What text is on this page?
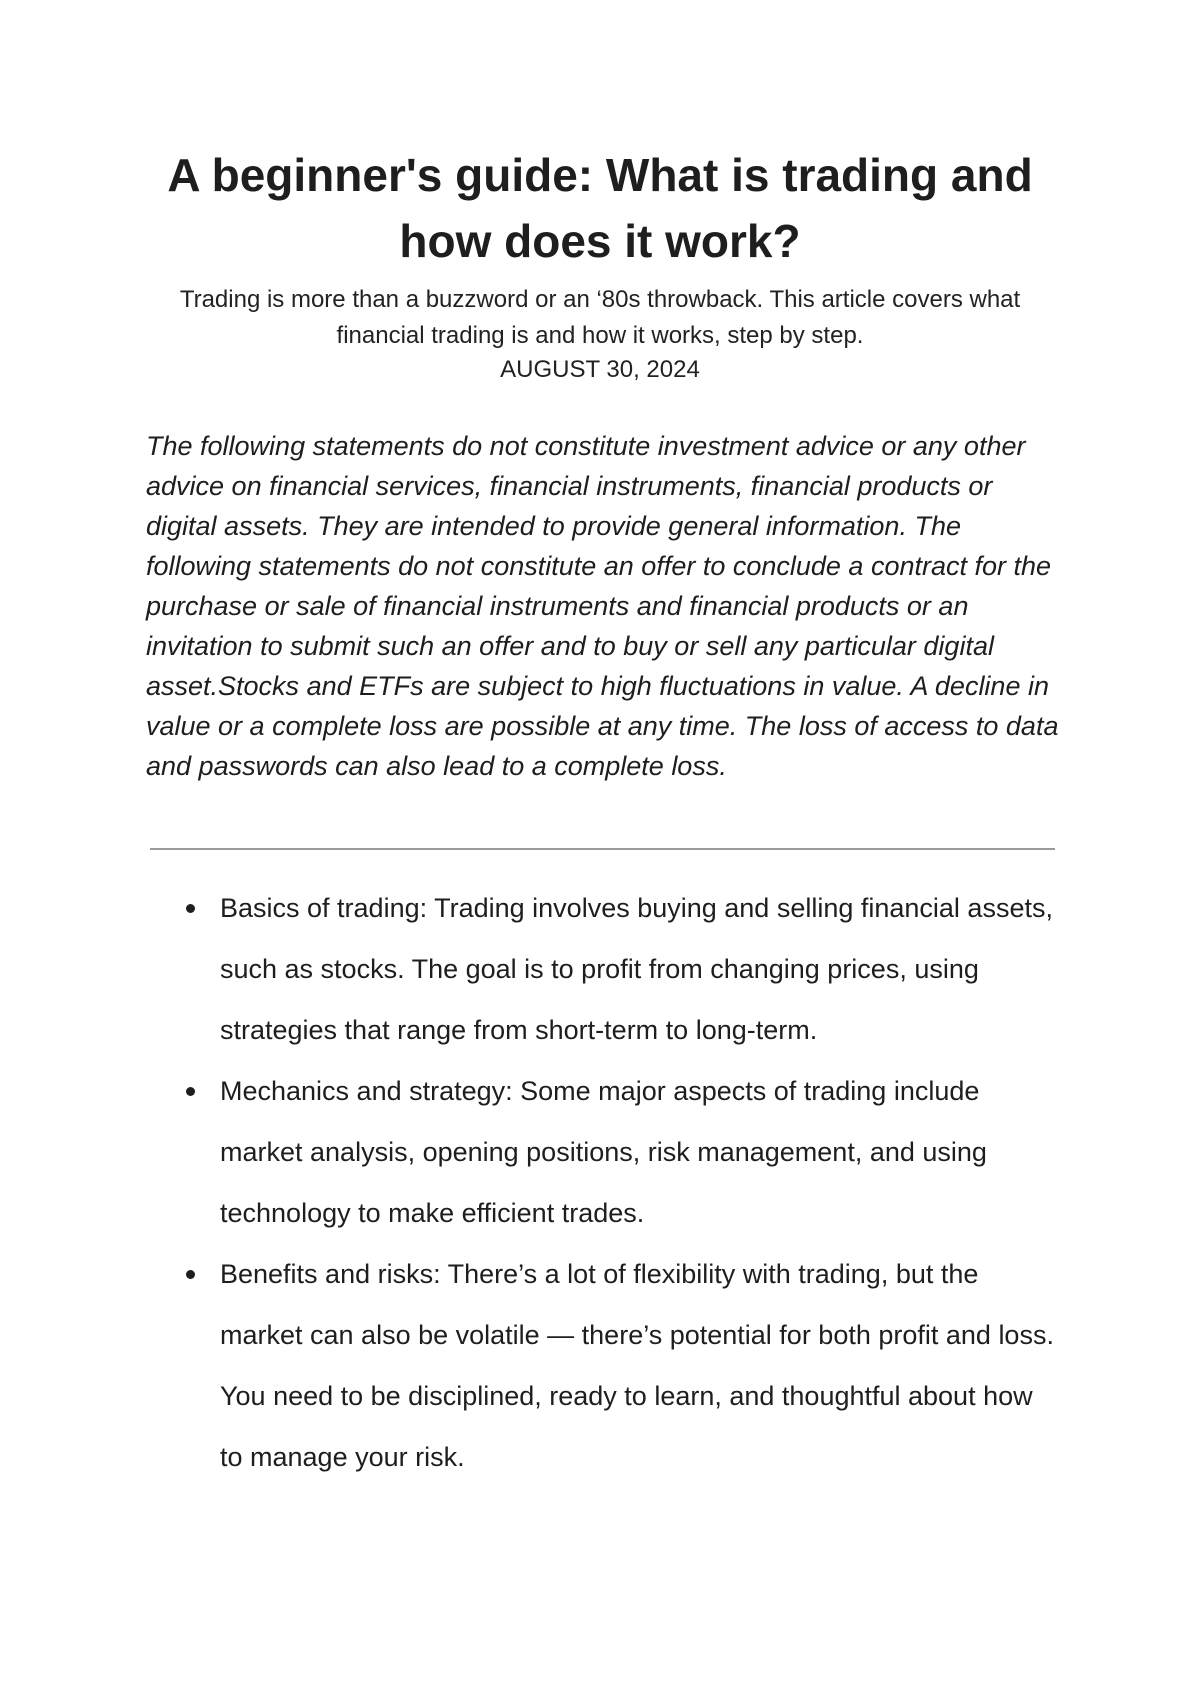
A beginner's guide: What is trading and how does it work?

Trading is more than a buzzword or an ‘80s throwback. This article covers what financial trading is and how it works, step by step.

AUGUST 30, 2024

The following statements do not constitute investment advice or any other advice on financial services, financial instruments, financial products or digital assets. They are intended to provide general information. The following statements do not constitute an offer to conclude a contract for the purchase or sale of financial instruments and financial products or an invitation to submit such an offer and to buy or sell any particular digital asset.Stocks and ETFs are subject to high fluctuations in value. A decline in value or a complete loss are possible at any time. The loss of access to data and passwords can also lead to a complete loss.

Basics of trading: Trading involves buying and selling financial assets, such as stocks. The goal is to profit from changing prices, using strategies that range from short-term to long-term.
Mechanics and strategy: Some major aspects of trading include market analysis, opening positions, risk management, and using technology to make efficient trades.
Benefits and risks: There’s a lot of flexibility with trading, but the market can also be volatile — there’s potential for both profit and loss. You need to be disciplined, ready to learn, and thoughtful about how to manage your risk.
